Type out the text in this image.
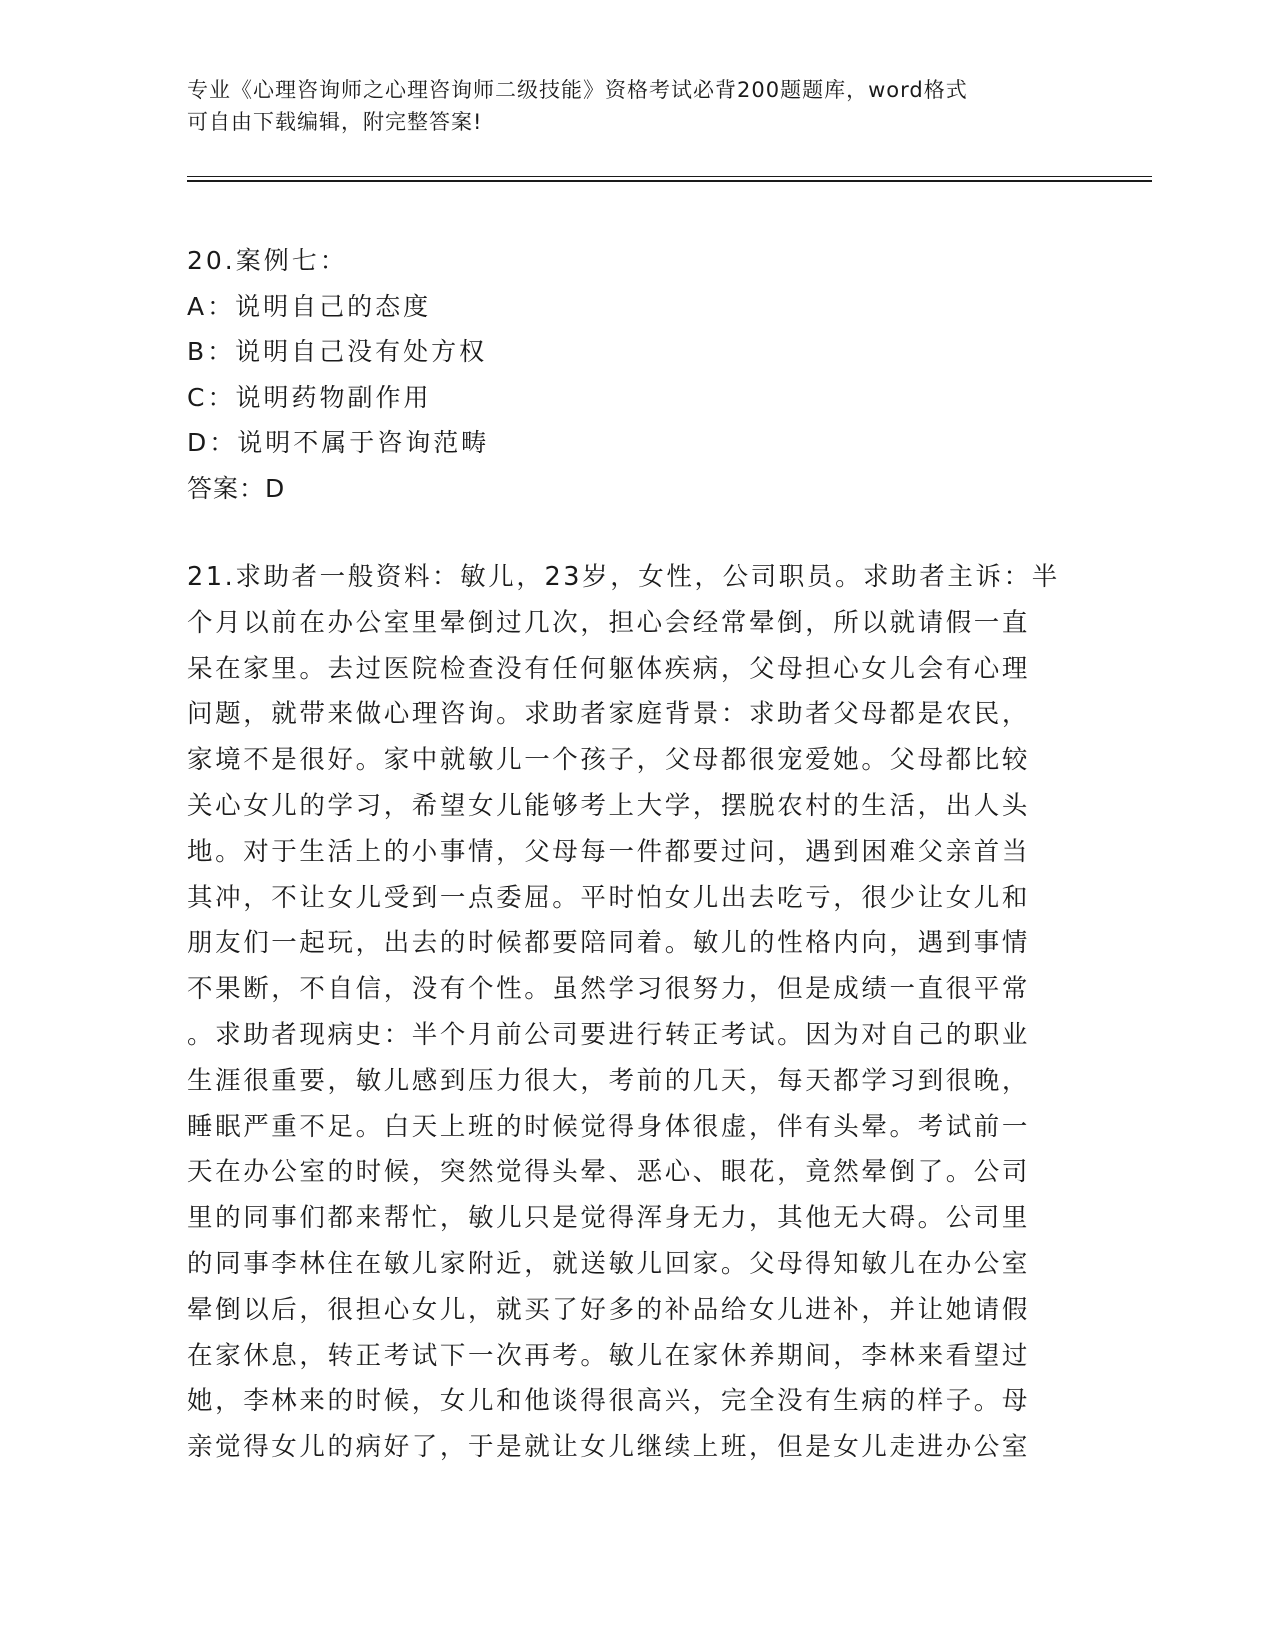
专业《心理咨询师之心理咨询师二级技能》资格考试必背200题题库，word格式
可自由下载编辑，附完整答案!
20.案例七：
A：说明自己的态度
B：说明自己没有处方权
C：说明药物副作用
D：说明不属于咨询范畴
答案：D
21.求助者一般资料：敏儿，23岁，女性，公司职员。求助者主诉：半
个月以前在办公室里晕倒过几次，担心会经常晕倒，所以就请假一直
呆在家里。去过医院检查没有任何躯体疾病，父母担心女儿会有心理
问题，就带来做心理咨询。求助者家庭背景：求助者父母都是农民，
家境不是很好。家中就敏儿一个孩子，父母都很宠爱她。父母都比较
关心女儿的学习，希望女儿能够考上大学，摆脱农村的生活，出人头
地。对于生活上的小事情，父母每一件都要过问，遇到困难父亲首当
其冲，不让女儿受到一点委屈。平时怕女儿出去吃亏，很少让女儿和
朋友们一起玩，出去的时候都要陪同着。敏儿的性格内向，遇到事情
不果断，不自信，没有个性。虽然学习很努力，但是成绩一直很平常
。求助者现病史：半个月前公司要进行转正考试。因为对自己的职业
生涯很重要，敏儿感到压力很大，考前的几天，每天都学习到很晚，
睡眠严重不足。白天上班的时候觉得身体很虚，伴有头晕。考试前一
天在办公室的时候，突然觉得头晕、恶心、眼花，竟然晕倒了。公司
里的同事们都来帮忙，敏儿只是觉得浑身无力，其他无大碍。公司里
的同事李林住在敏儿家附近，就送敏儿回家。父母得知敏儿在办公室
晕倒以后，很担心女儿，就买了好多的补品给女儿进补，并让她请假
在家休息，转正考试下一次再考。敏儿在家休养期间，李林来看望过
她，李林来的时候，女儿和他谈得很高兴，完全没有生病的样子。母
亲觉得女儿的病好了，于是就让女儿继续上班，但是女儿走进办公室
